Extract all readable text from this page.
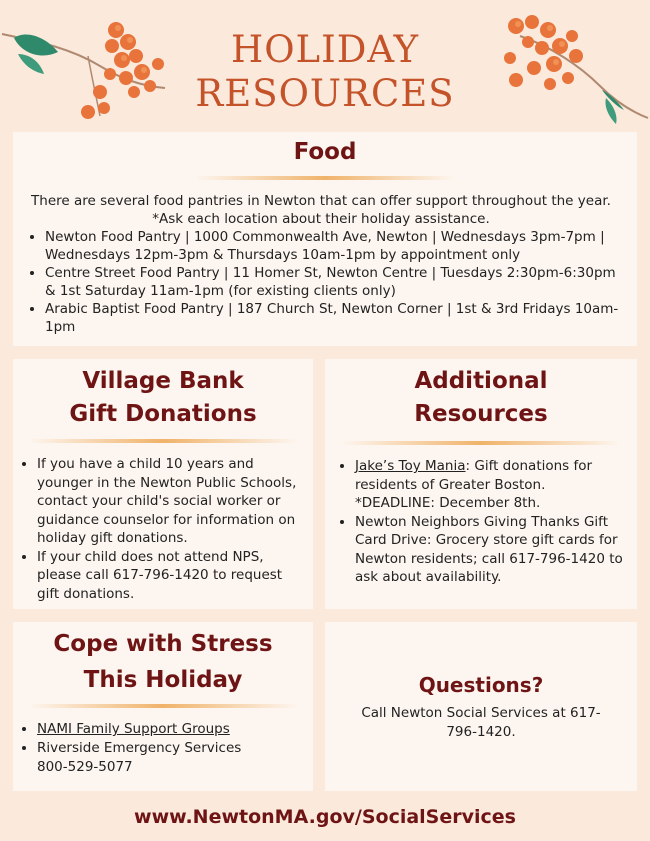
HOLIDAY
RESOURCES
Food
There are several food pantries in Newton that can offer support throughout the year.
*Ask each location about their holiday assistance.
• Newton Food Pantry | 1000 Commonwealth Ave, Newton | Wednesdays 3pm-7pm | Wednesdays 12pm-3pm & Thursdays 10am-1pm by appointment only
• Centre Street Food Pantry | 11 Homer St, Newton Centre | Tuesdays 2:30pm-6:30pm & 1st Saturday 11am-1pm (for existing clients only)
• Arabic Baptist Food Pantry | 187 Church St, Newton Corner | 1st & 3rd Fridays 10am-1pm
Village Bank
Gift Donations
• If you have a child 10 years and younger in the Newton Public Schools, contact your child's social worker or guidance counselor for information on holiday gift donations.
• If your child does not attend NPS, please call 617-796-1420 to request gift donations.
Additional
Resources
• Jake’s Toy Mania: Gift donations for residents of Greater Boston. *DEADLINE: December 8th.
• Newton Neighbors Giving Thanks Gift Card Drive: Grocery store gift cards for Newton residents; call 617-796-1420 to ask about availability.
Cope with Stress
This Holiday
• NAMI Family Support Groups
• Riverside Emergency Services
800-529-5077
Questions?
Call Newton Social Services at 617-796-1420.
www.NewtonMA.gov/SocialServices
